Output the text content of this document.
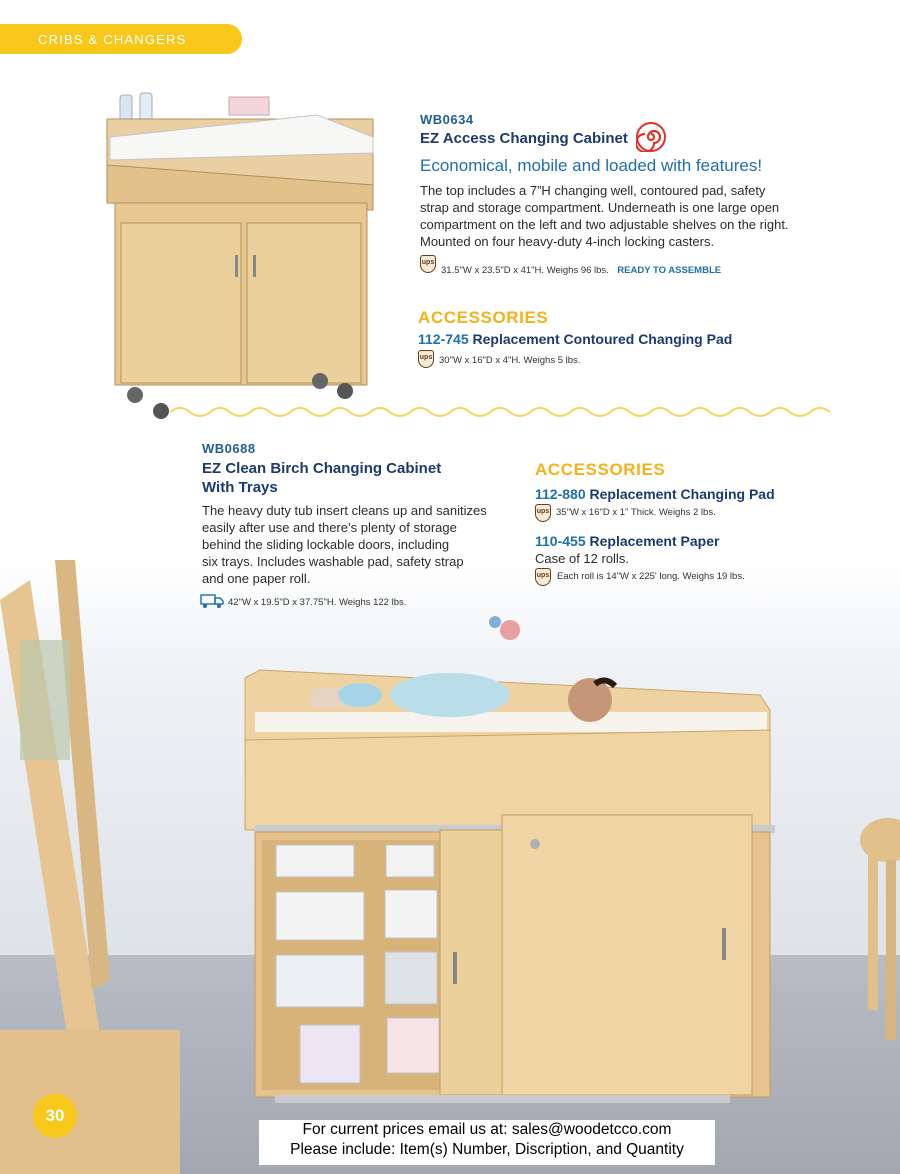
CRIBS & CHANGERS
WB0634
EZ Access Changing Cabinet
Economical, mobile and loaded with features!
The top includes a 7”H changing well, contoured pad, safety
strap and storage compartment. Underneath is one large open
compartment on the left and two adjustable shelves on the right.
Mounted on four heavy-duty 4-inch locking casters.
ups
31.5"W x 23.5"D x 41"H. Weighs 96 lbs. READY TO ASSEMBLE
ACCESSORIES
112-745 Replacement Contoured Changing Pad
ups 30"W x 16"D x 4"H. Weighs 5 lbs.
WB0688
EZ Clean Birch Changing Cabinet
With Trays
The heavy duty tub insert cleans up and sanitizes
easily after use and there’s plenty of storage
behind the sliding lockable doors, including
six trays. Includes washable pad, safety strap
and one paper roll.
42"W x 19.5"D x 37.75"H. Weighs 122 lbs.
ACCESSORIES
112-880 Replacement Changing Pad
ups 35"W x 16"D x 1" Thick. Weighs 2 lbs.
110-455 Replacement Paper
Case of 12 rolls.
ups Each roll is 14"W x 225' long. Weighs 19 lbs.
30
For current prices email us at: sales@woodetcco.com
Please include: Item(s) Number, Discription, and Quantity
